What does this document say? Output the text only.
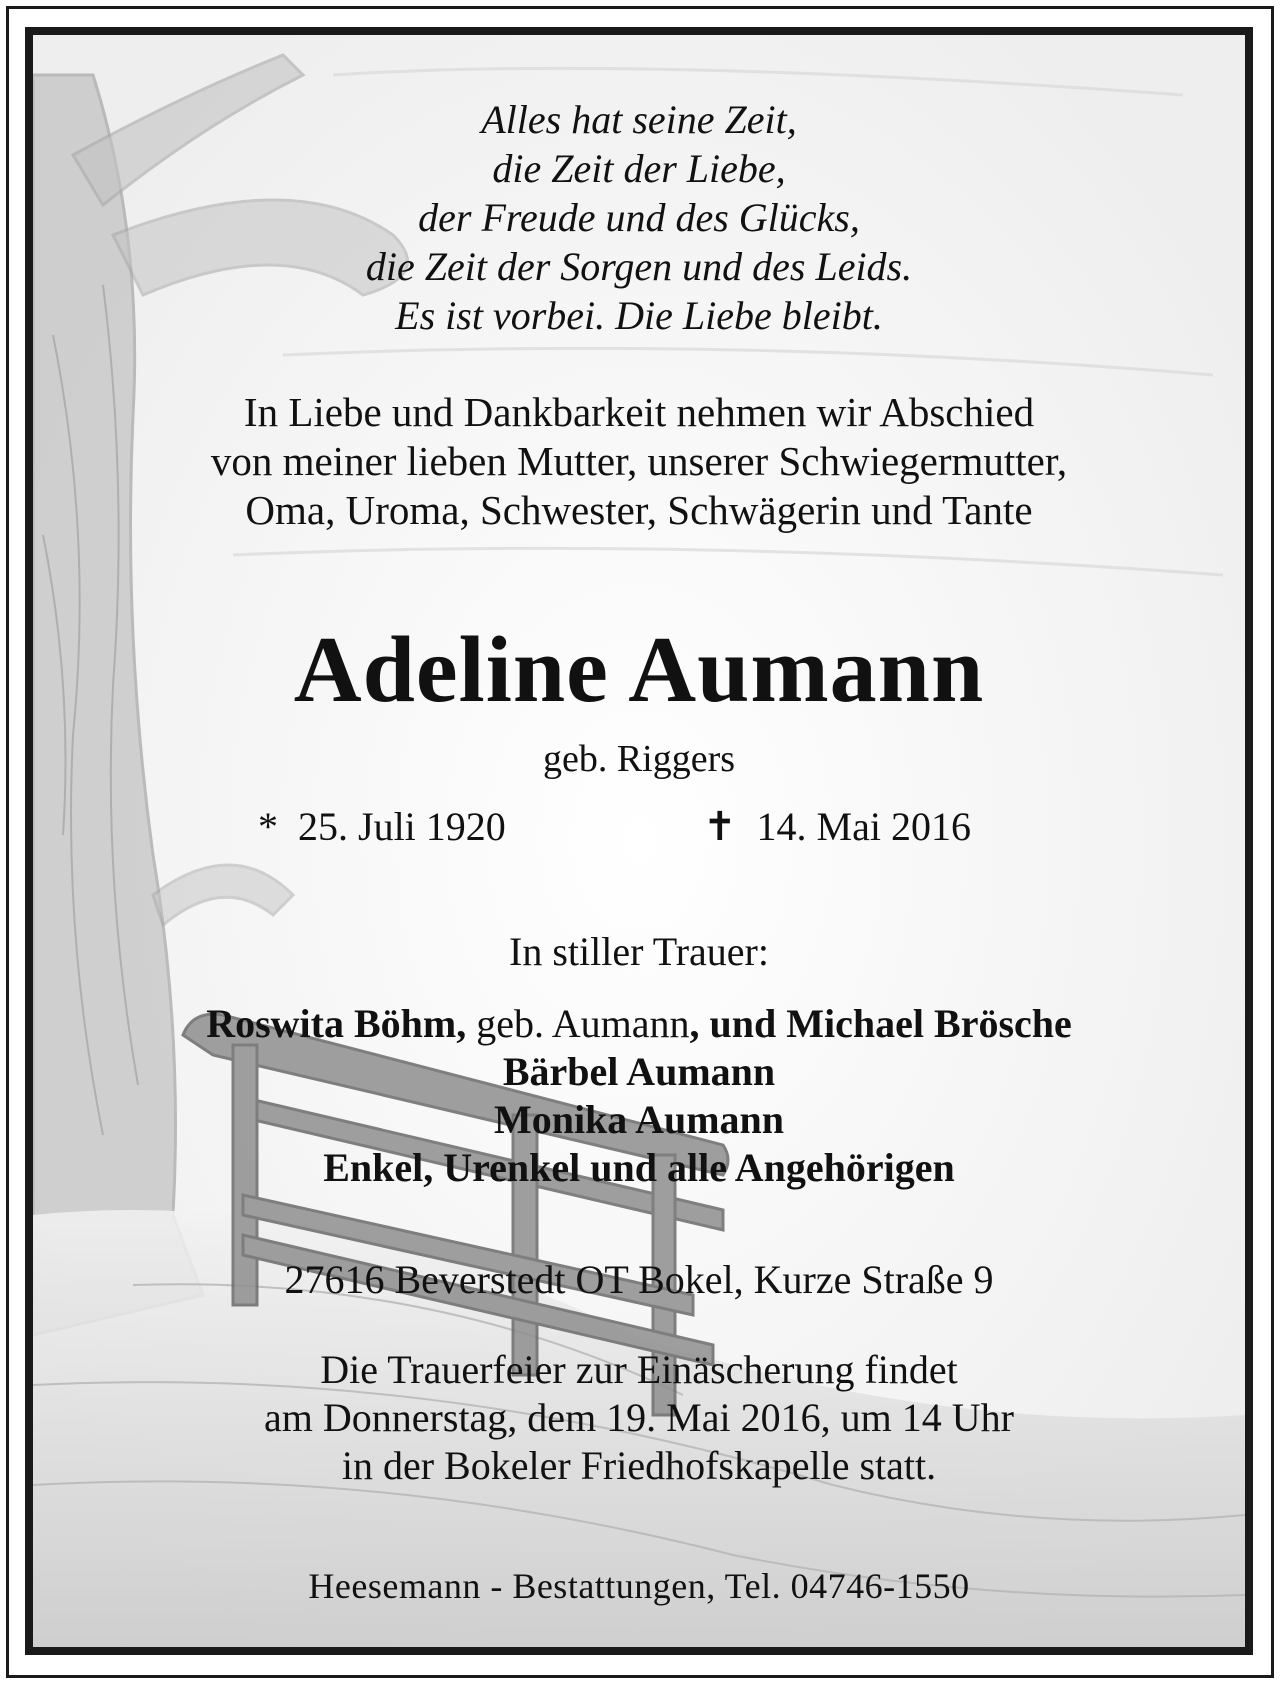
Alles hat seine Zeit,
die Zeit der Liebe,
der Freude und des Glücks,
die Zeit der Sorgen und des Leids.
Es ist vorbei. Die Liebe bleibt.
In Liebe und Dankbarkeit nehmen wir Abschied
von meiner lieben Mutter, unserer Schwiegermutter,
Oma, Uroma, Schwester, Schwägerin und Tante
Adeline Aumann
geb. Riggers
* 25. Juli 1920	✝ 14. Mai 2016
In stiller Trauer:
Roswita Böhm, geb. Aumann, und Michael Brösche
Bärbel Aumann
Monika Aumann
Enkel, Urenkel und alle Angehörigen
27616 Beverstedt OT Bokel, Kurze Straße 9
Die Trauerfeier zur Einäscherung findet
am Donnerstag, dem 19. Mai 2016, um 14 Uhr
in der Bokeler Friedhofskapelle statt.
Heesemann - Bestattungen, Tel. 04746-1550
